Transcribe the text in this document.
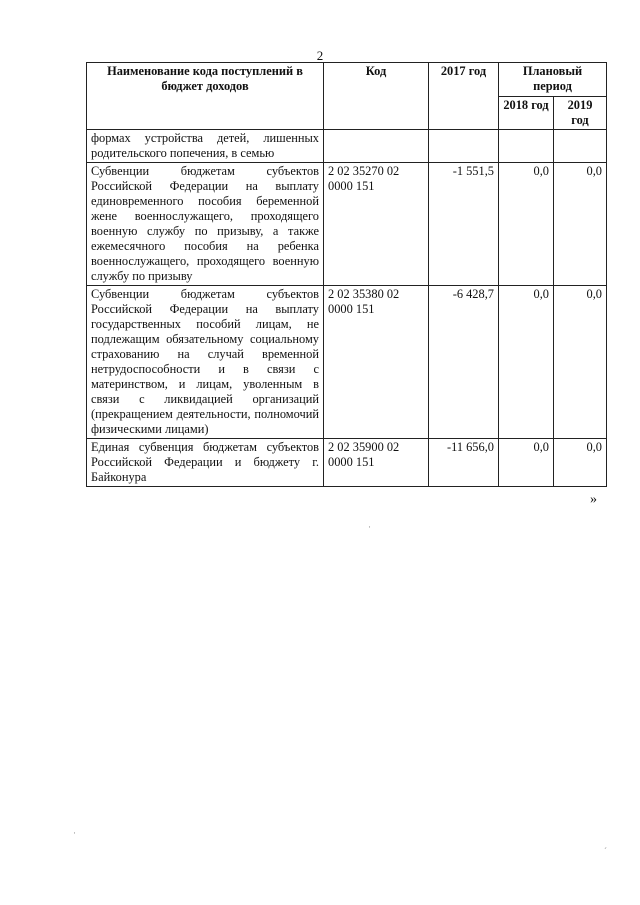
2
Наименование кода поступлений в бюджет доходов	Код	2017 год	Плановый период	
			2018 год	2019 год
формах устройства детей, лишенных родительского попечения, в семью				
Субвенции бюджетам субъектов Российской Федерации на выплату единовременного пособия беременной жене военнослужащего, проходящего военную службу по призыву, а также ежемесячного пособия на ребенка военнослужащего, проходящего военную службу по призыву	2 02 35270 02 0000 151	-1 551,5	0,0	0,0
Субвенции бюджетам субъектов Российской Федерации на выплату государственных пособий лицам, не подлежащим обязательному социальному страхованию на случай временной нетрудоспособности и в связи с материнством, и лицам, уволенным в связи с ликвидацией организаций (прекращением деятельности, полномочий физическими лицами)	2 02 35380 02 0000 151	-6 428,7	0,0	0,0
Единая субвенция бюджетам субъектов Российской Федерации и бюджету г. Байконура	2 02 35900 02 0000 151	-11 656,0	0,0	0,0
»
·
·
´
